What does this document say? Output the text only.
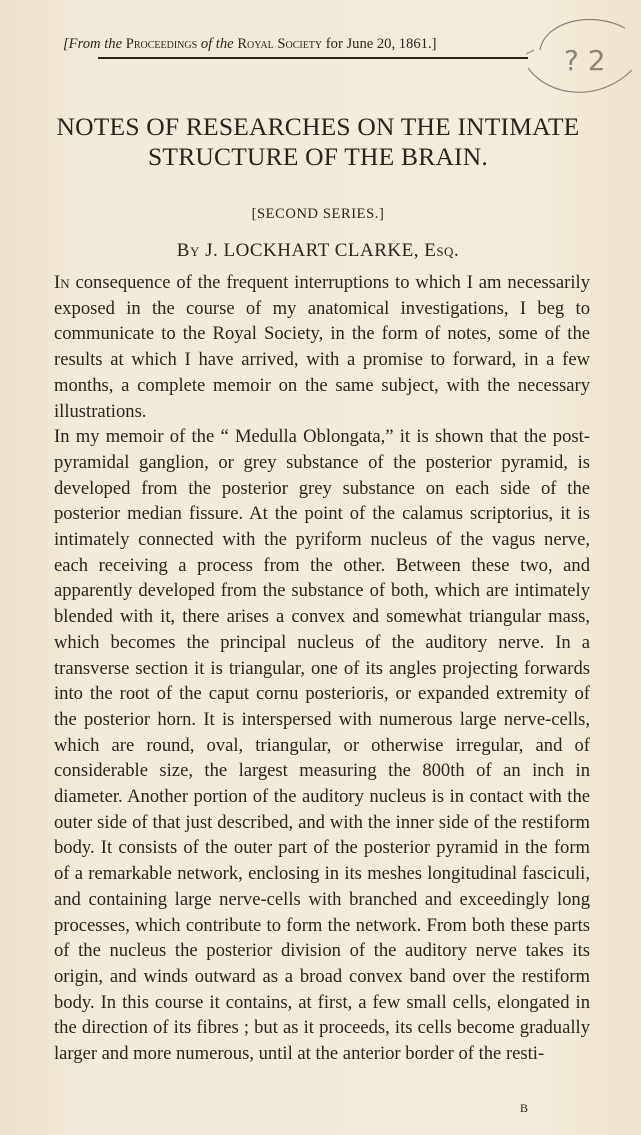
? 2
[From the Proceedings of the Royal Society for June 20, 1861.]
NOTES OF RESEARCHES ON THE INTIMATE
STRUCTURE OF THE BRAIN.
[SECOND SERIES.]
By J. LOCKHART CLARKE, Esq.

In consequence of the frequent interruptions to which I am necessarily exposed in the course of my anatomical investigations, I beg to communicate to the Royal Society, in the form of notes, some of the results at which I have arrived, with a promise to forward, in a few months, a complete memoir on the same subject, with the necessary illustrations.

In my memoir of the “ Medulla Oblongata,” it is shown that the post-pyramidal ganglion, or grey substance of the posterior pyramid, is developed from the posterior grey substance on each side of the posterior median fissure. At the point of the calamus scriptorius, it is intimately connected with the pyriform nucleus of the vagus nerve, each receiving a process from the other. Between these two, and apparently developed from the substance of both, which are intimately blended with it, there arises a convex and somewhat triangular mass, which becomes the principal nucleus of the auditory nerve. In a transverse section it is triangular, one of its angles projecting forwards into the root of the caput cornu posterioris, or expanded extremity of the posterior horn. It is interspersed with numerous large nerve-cells, which are round, oval, triangular, or otherwise irregular, and of considerable size, the largest measuring the 800th of an inch in diameter. Another portion of the auditory nucleus is in contact with the outer side of that just described, and with the inner side of the restiform body. It consists of the outer part of the posterior pyramid in the form of a remarkable network, enclosing in its meshes longitudinal fasciculi, and containing large nerve-cells with branched and exceedingly long processes, which contribute to form the network. From both these parts of the nucleus the posterior division of the auditory nerve takes its origin, and winds outward as a broad convex band over the restiform body. In this course it contains, at first, a few small cells, elongated in the direction of its fibres ; but as it proceeds, its cells become gradually larger and more numerous, until at the anterior border of the resti-

B
